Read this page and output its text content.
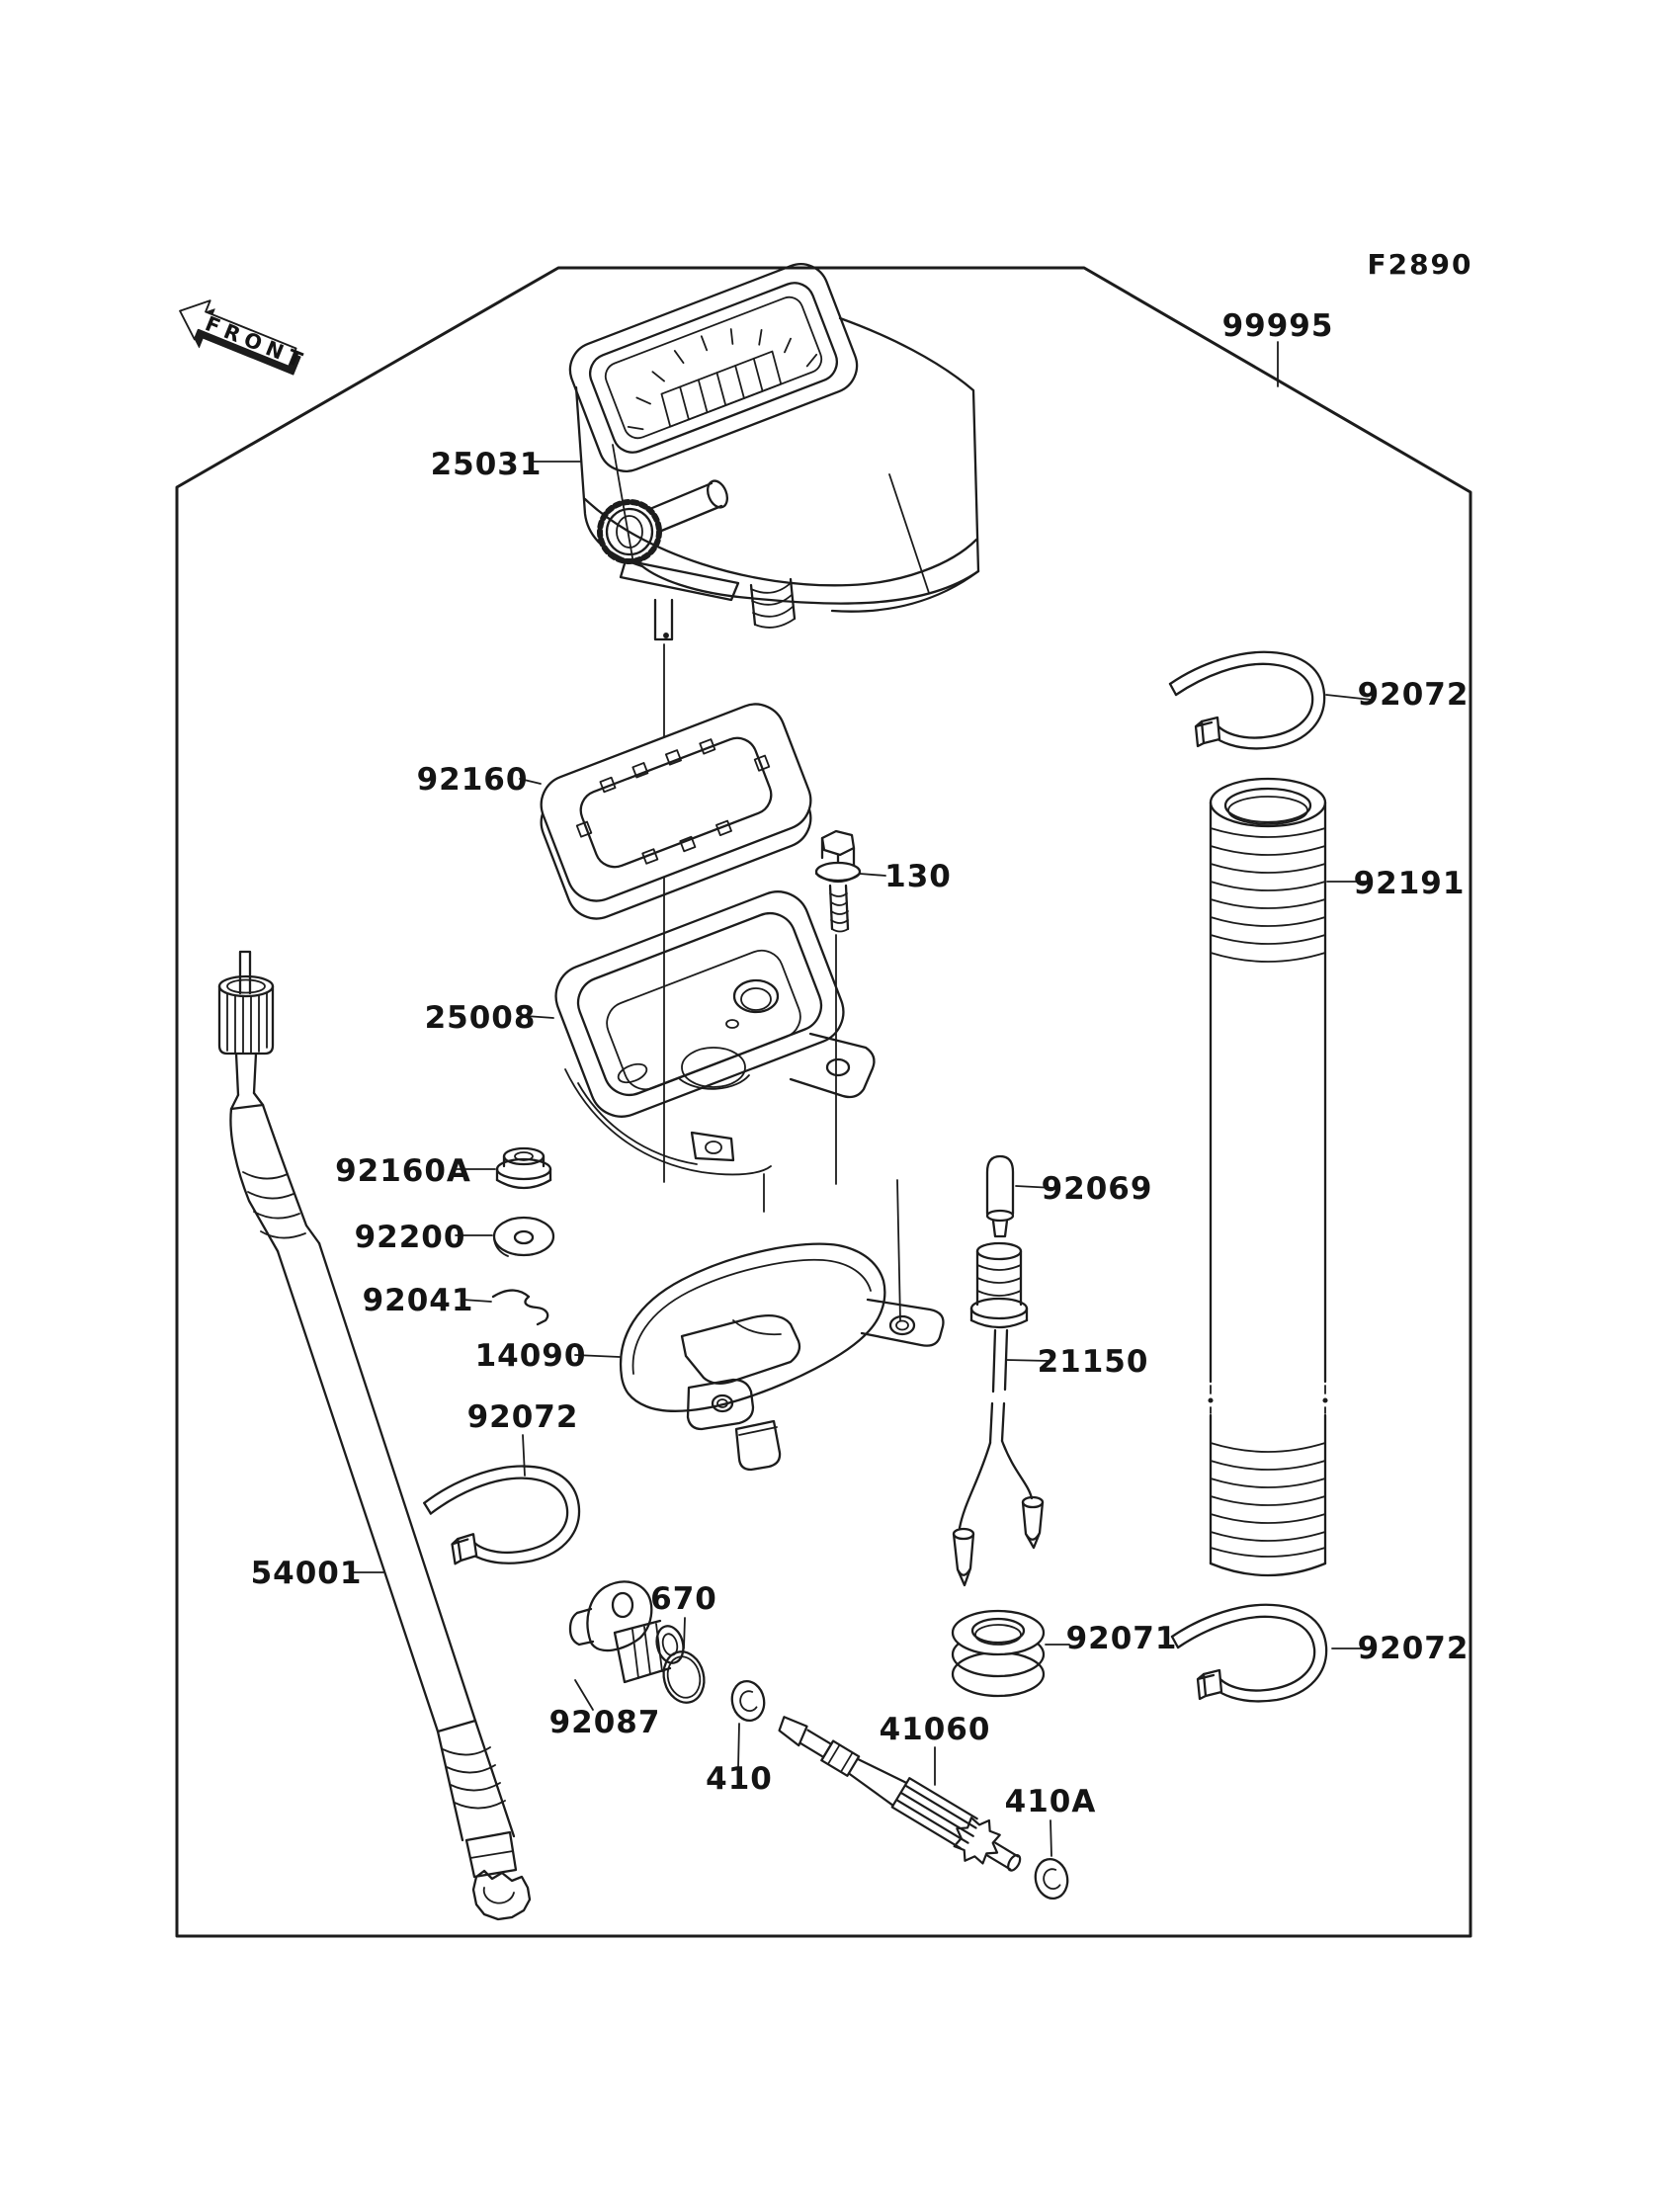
FRONT
F2890
99995
25031
92160
130
92072
92191
25008
92069
21150
92160A
92200
92041
14090
92072
54001
92087
670
410
41060
410A
92071	92072
